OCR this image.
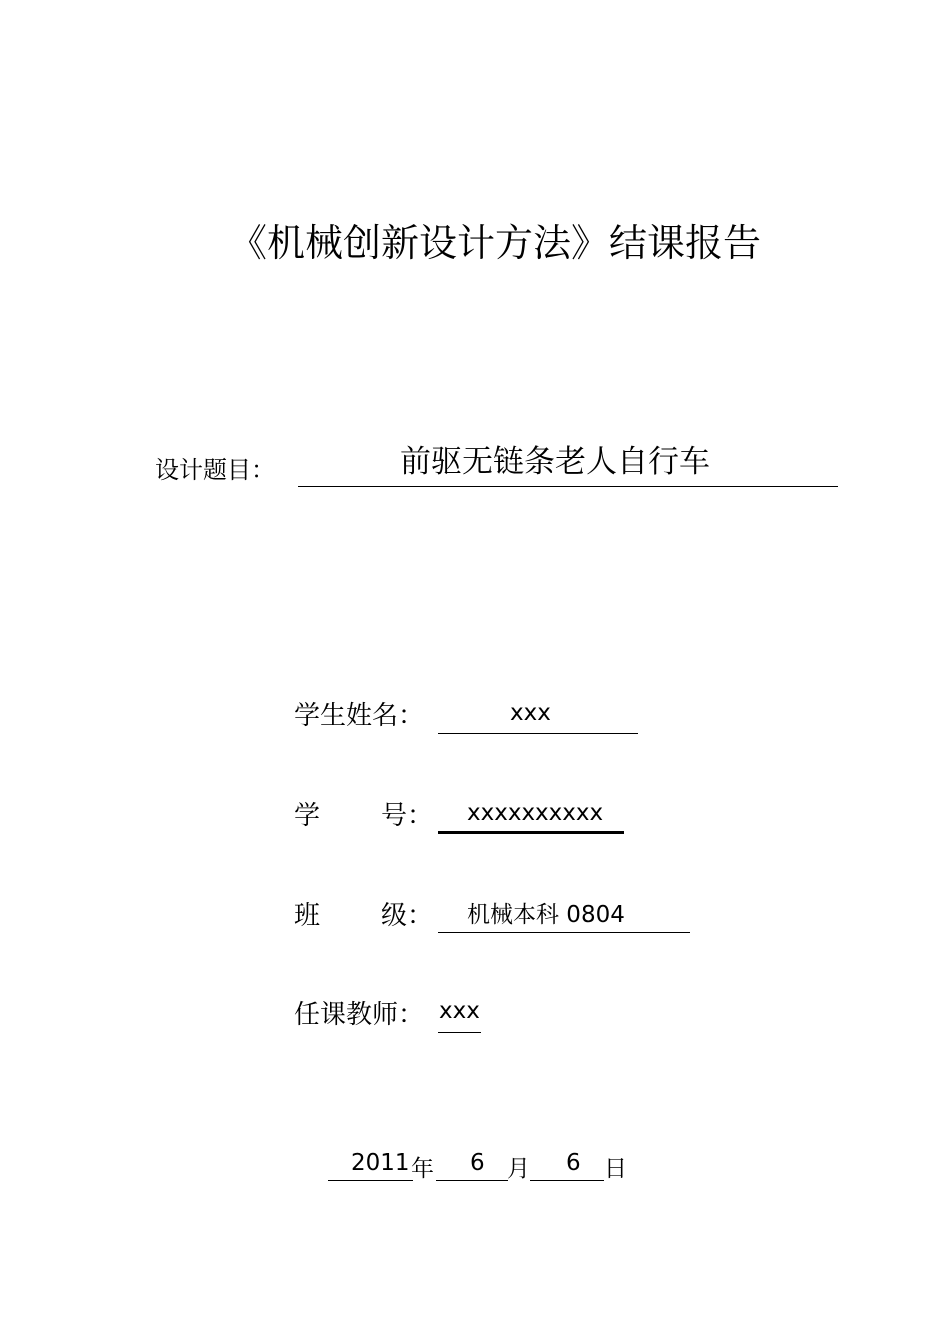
《机械创新设计方法》结课报告
设计题目：	前驱无链条老人自行车
学生姓名：	xxx
学 号： xxxxxxxxxx
班 级： 机械本科 0804
任课教师： xxx
2011 年 6 月 6 日
